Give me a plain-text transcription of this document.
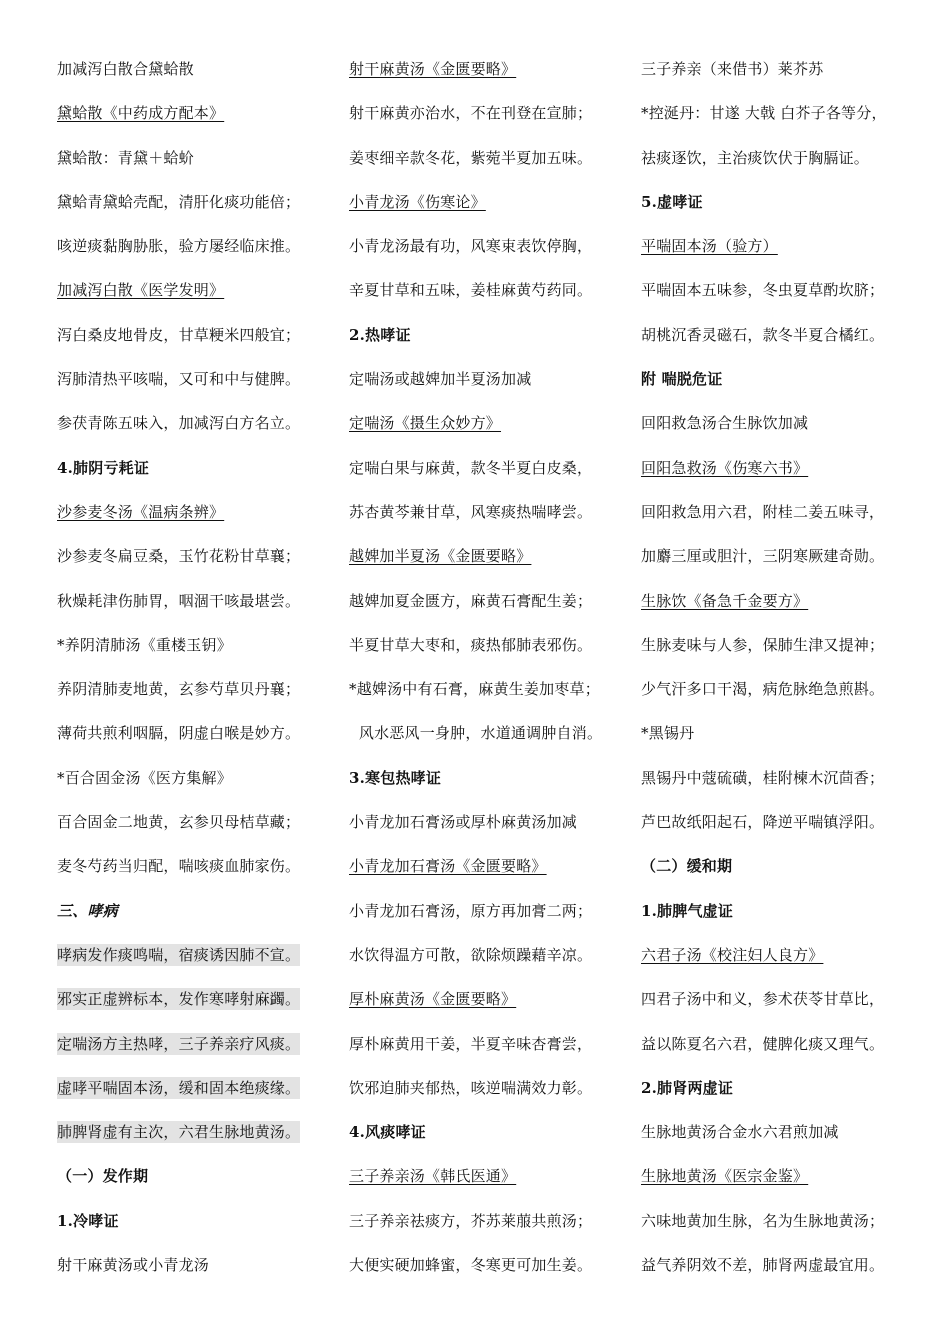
加减泻白散合黛蛤散
黛蛤散《中药成方配本》
黛蛤散：青黛＋蛤蚧
黛蛤青黛蛤壳配，清肝化痰功能倍；
咳逆痰黏胸胁胀，验方屡经临床推。
加减泻白散《医学发明》
泻白桑皮地骨皮，甘草粳米四般宜；
泻肺清热平咳喘，又可和中与健脾。
参茯青陈五味入，加减泻白方名立。
4.肺阴亏耗证
沙参麦冬汤《温病条辨》
沙参麦冬扁豆桑，玉竹花粉甘草襄；
秋燥耗津伤肺胃，咽涸干咳最堪尝。
*养阴清肺汤《重楼玉钥》
养阴清肺麦地黄，玄参芍草贝丹襄；
薄荷共煎利咽膈，阴虚白喉是妙方。
*百合固金汤《医方集解》
百合固金二地黄，玄参贝母桔草藏；
麦冬芍药当归配，喘咳痰血肺家伤。
三、哮病
哮病发作痰鸣喘，宿痰诱因肺不宣。
邪实正虚辨标本，发作寒哮射麻蠲。
定喘汤方主热哮，三子养亲疗风痰。
虚哮平喘固本汤，缓和固本绝痰缘。
肺脾肾虚有主次，六君生脉地黄汤。
（一）发作期
1.冷哮证
射干麻黄汤或小青龙汤
射干麻黄汤《金匮要略》
射干麻黄亦治水，不在刊登在宣肺；
姜枣细辛款冬花，紫菀半夏加五味。
小青龙汤《伤寒论》
小青龙汤最有功，风寒束表饮停胸，
辛夏甘草和五味，姜桂麻黄芍药同。
2.热哮证
定喘汤或越婢加半夏汤加减
定喘汤《摄生众妙方》
定喘白果与麻黄，款冬半夏白皮桑，
苏杏黄芩兼甘草，风寒痰热喘哮尝。
越婢加半夏汤《金匮要略》
越婢加夏金匮方，麻黄石膏配生姜；
半夏甘草大枣和，痰热郁肺表邪伤。
*越婢汤中有石膏，麻黄生姜加枣草；
风水恶风一身肿，水道通调肿自消。
3.寒包热哮证
小青龙加石膏汤或厚朴麻黄汤加减
小青龙加石膏汤《金匮要略》
小青龙加石膏汤，原方再加膏二两；
水饮得温方可散，欲除烦躁藉辛凉。
厚朴麻黄汤《金匮要略》
厚朴麻黄用干姜，半夏辛味杏膏尝，
饮邪迫肺夹郁热，咳逆喘满效力彰。
4.风痰哮证
三子养亲汤《韩氏医通》
三子养亲祛痰方，芥苏莱菔共煎汤；
大便实硬加蜂蜜，冬寒更可加生姜。
三子养亲（来借书）莱芥苏
*控涎丹：甘遂 大戟 白芥子各等分，
祛痰逐饮，主治痰饮伏于胸膈证。
5.虚哮证
平喘固本汤（验方）
平喘固本五味参，冬虫夏草酌坎脐；
胡桃沉香灵磁石，款冬半夏合橘红。
附 喘脱危证
回阳救急汤合生脉饮加减
回阳急救汤《伤寒六书》
回阳救急用六君，附桂二姜五味寻，
加麝三厘或胆汁，三阴寒厥建奇勋。
生脉饮《备急千金要方》
生脉麦味与人参，保肺生津又提神；
少气汗多口干渴，病危脉绝急煎斟。
*黑锡丹
黑锡丹中蔻硫磺，桂附楝木沉茴香；
芦巴故纸阳起石，降逆平喘镇浮阳。
（二）缓和期
1.肺脾气虚证
六君子汤《校注妇人良方》
四君子汤中和义，参术茯苓甘草比，
益以陈夏名六君，健脾化痰又理气。
2.肺肾两虚证
生脉地黄汤合金水六君煎加减
生脉地黄汤《医宗金鉴》
六味地黄加生脉，名为生脉地黄汤；
益气养阴效不差，肺肾两虚最宜用。
